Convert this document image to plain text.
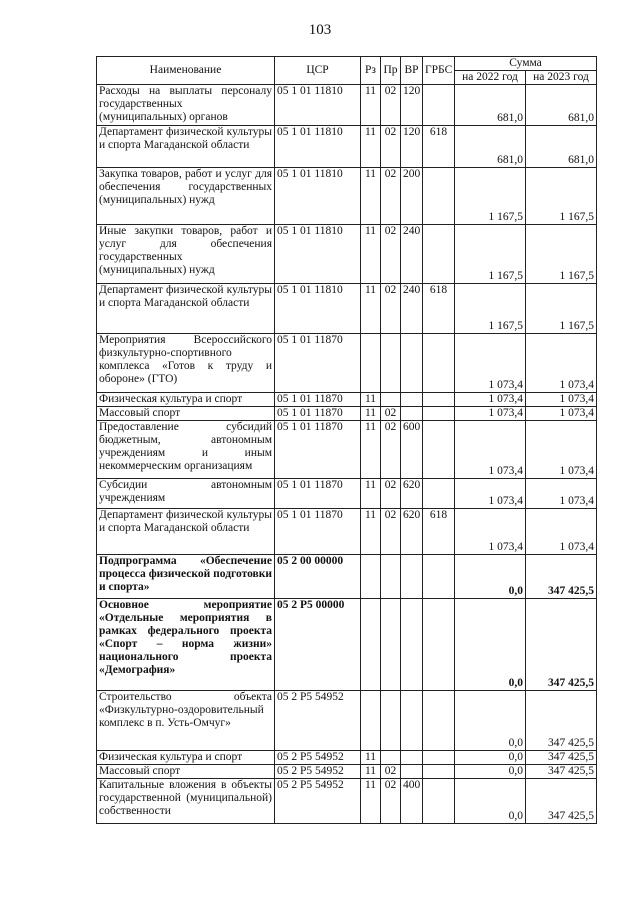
103
Наименование	ЦСР	Рз	Пр	ВР	ГРБС	Сумма	
						на 2022 год	на 2023 год
Расходы на выплаты персоналу государственных (муниципальных) органов	05 1 01 11810	11	02	120		681,0	681,0
Департамент физической культуры и спорта Магаданской области	05 1 01 11810	11	02	120	618	681,0	681,0
Закупка товаров, работ и услуг для обеспечения государственных (муниципальных) нужд	05 1 01 11810	11	02	200		1 167,5	1 167,5
Иные закупки товаров, работ и услуг для обеспечения государственных (муниципальных) нужд	05 1 01 11810	11	02	240		1 167,5	1 167,5
Департамент физической культуры и спорта Магаданской области	05 1 01 11810	11	02	240	618	1 167,5	1 167,5
Мероприятия Всероссийского физкультурно-спортивного комплекса «Готов к труду и обороне» (ГТО)	05 1 01 11870					1 073,4	1 073,4
Физическая культура и спорт	05 1 01 11870	11				1 073,4	1 073,4
Массовый спорт	05 1 01 11870	11	02			1 073,4	1 073,4
Предоставление субсидий бюджетным, автономным учреждениям и иным некоммерческим организациям	05 1 01 11870	11	02	600		1 073,4	1 073,4
Субсидии автономным учреждениям	05 1 01 11870	11	02	620		1 073,4	1 073,4
Департамент физической культуры и спорта Магаданской области	05 1 01 11870	11	02	620	618	1 073,4	1 073,4
Подпрограмма «Обеспечение процесса физической подготовки и спорта»	05 2 00 00000					0,0	347 425,5
Основное мероприятие «Отдельные мероприятия в рамках федерального проекта «Спорт – норма жизни» национального проекта «Демография»	05 2 P5 00000					0,0	347 425,5
Строительство объекта «Физкультурно-оздоровительный комплекс в п. Усть-Омчуг»	05 2 P5 54952					0,0	347 425,5
Физическая культура и спорт	05 2 P5 54952	11				0,0	347 425,5
Массовый спорт	05 2 P5 54952	11	02			0,0	347 425,5
Капитальные вложения в объекты государственной (муниципальной) собственности	05 2 P5 54952	11	02	400		0,0	347 425,5
